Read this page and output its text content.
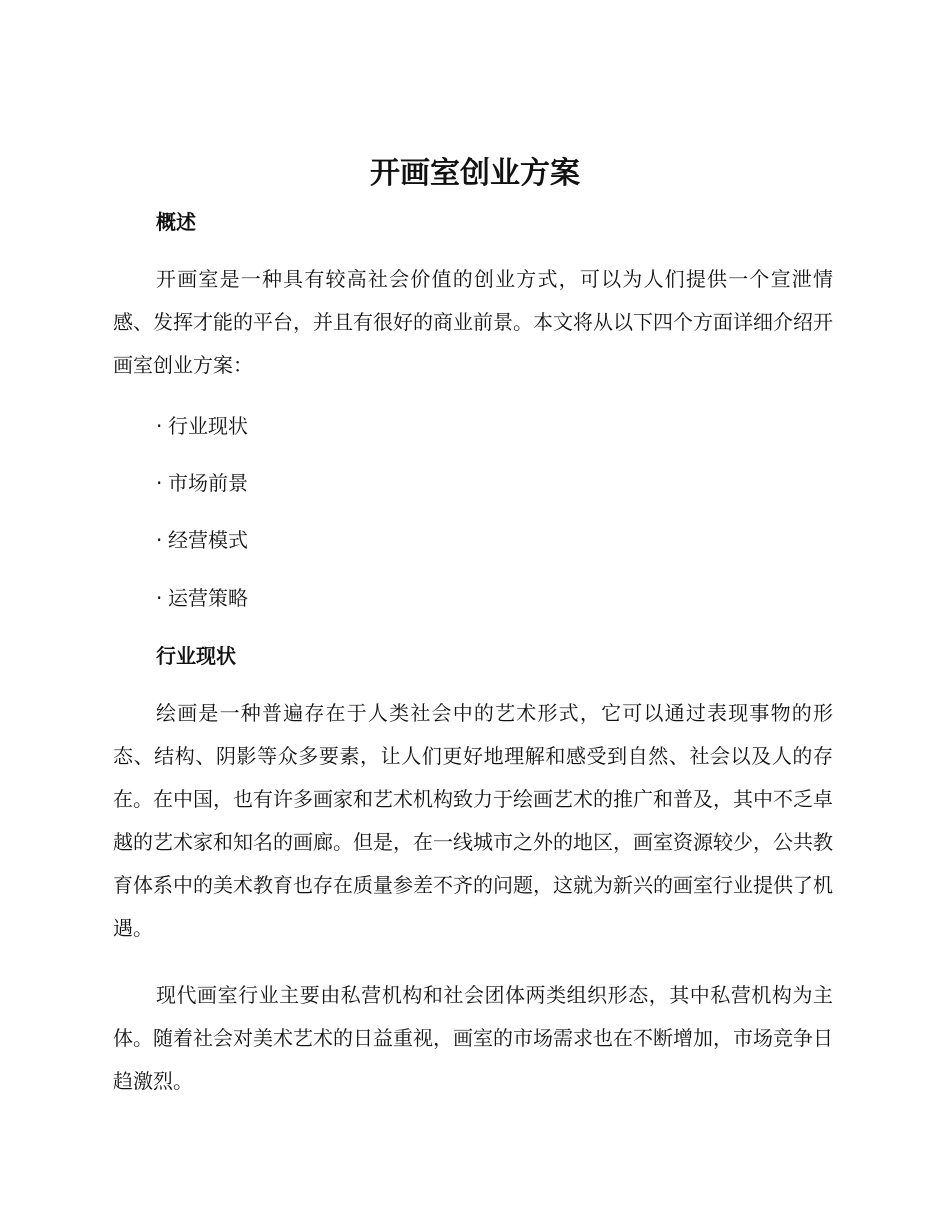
开画室创业方案
概述

开画室是一种具有较高社会价值的创业方式，可以为人们提供一个宣泄情感、发挥才能的平台，并且有很好的商业前景。本文将从以下四个方面详细介绍开画室创业方案：

· 行业现状
· 市场前景
· 经营模式
· 运营策略
行业现状

绘画是一种普遍存在于人类社会中的艺术形式，它可以通过表现事物的形态、结构、阴影等众多要素，让人们更好地理解和感受到自然、社会以及人的存在。在中国，也有许多画家和艺术机构致力于绘画艺术的推广和普及，其中不乏卓越的艺术家和知名的画廊。但是，在一线城市之外的地区，画室资源较少，公共教育体系中的美术教育也存在质量参差不齐的问题，这就为新兴的画室行业提供了机遇。

现代画室行业主要由私营机构和社会团体两类组织形态，其中私营机构为主体。随着社会对美术艺术的日益重视，画室的市场需求也在不断增加，市场竞争日趋激烈。
